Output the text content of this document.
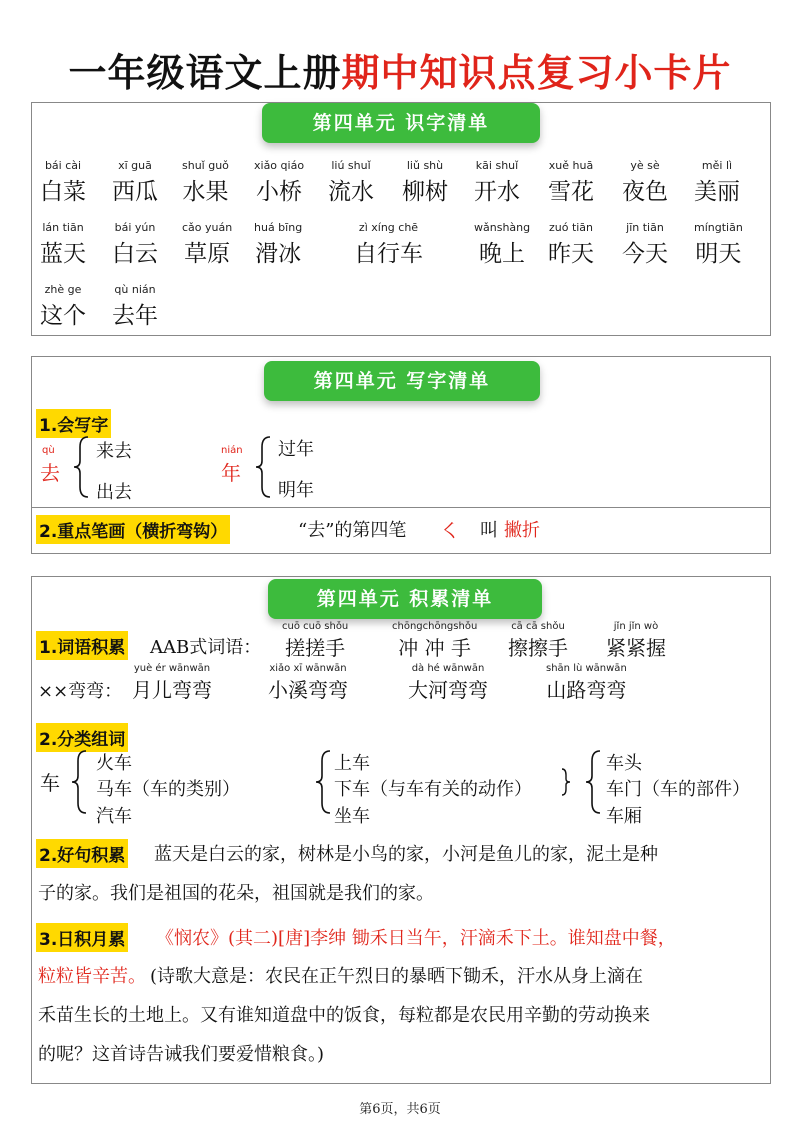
一年级语文上册期中知识点复习小卡片
第四单元 识字清单
bái cài
白菜
xī guā
西瓜
shuǐ guǒ
水果
xiǎo qiáo
小桥
liú shuǐ
流水
liǔ shù
柳树
kāi shuǐ
开水
xuě huā
雪花
yè sè
夜色
měi lì
美丽
lán tiān
蓝天
bái yún
白云
cǎo yuán
草原
huá bīng
滑冰
zì xíng chē
自行车
wǎnshàng
晚上
zuó tiān
昨天
jīn tiān
今天
míngtiān
明天
zhè ge
这个
qù nián
去年
第四单元 写字清单
1.会写字
qù
去
来去
出去
nián
年
过年
明年
2.重点笔画（横折弯钩）	“去”的第四笔 ㇛ 叫 撇折
第四单元 积累清单
1.词语积累 AAB式词语：
cuō cuō shǒu
搓搓手
chōngchōngshǒu
冲 冲 手
cā cā shǒu
擦擦手
jǐn jǐn wò
紧紧握
××弯弯：
yuè ér wānwān
月儿弯弯
xiǎo xī wānwān
小溪弯弯
dà hé wānwān
大河弯弯
shān lù wānwān
山路弯弯
2.分类组词
车
火车
马车（车的类别）
汽车
上车
下车（与车有关的动作）
坐车
车头
车门（车的部件）
车厢
2.好句积累 蓝天是白云的家，树林是小鸟的家，小河是鱼儿的家，泥土是种
子的家。我们是祖国的花朵，祖国就是我们的家。
3.日积月累 《悯农》(其二)[唐]李绅 锄禾日当午，汗滴禾下土。谁知盘中餐，
粒粒皆辛苦。 (诗歌大意是：农民在正午烈日的暴晒下锄禾，汗水从身上滴在
禾苗生长的土地上。又有谁知道盘中的饭食，每粒都是农民用辛勤的劳动换来
的呢？这首诗告诫我们要爱惜粮食。)
第6页，共6页
